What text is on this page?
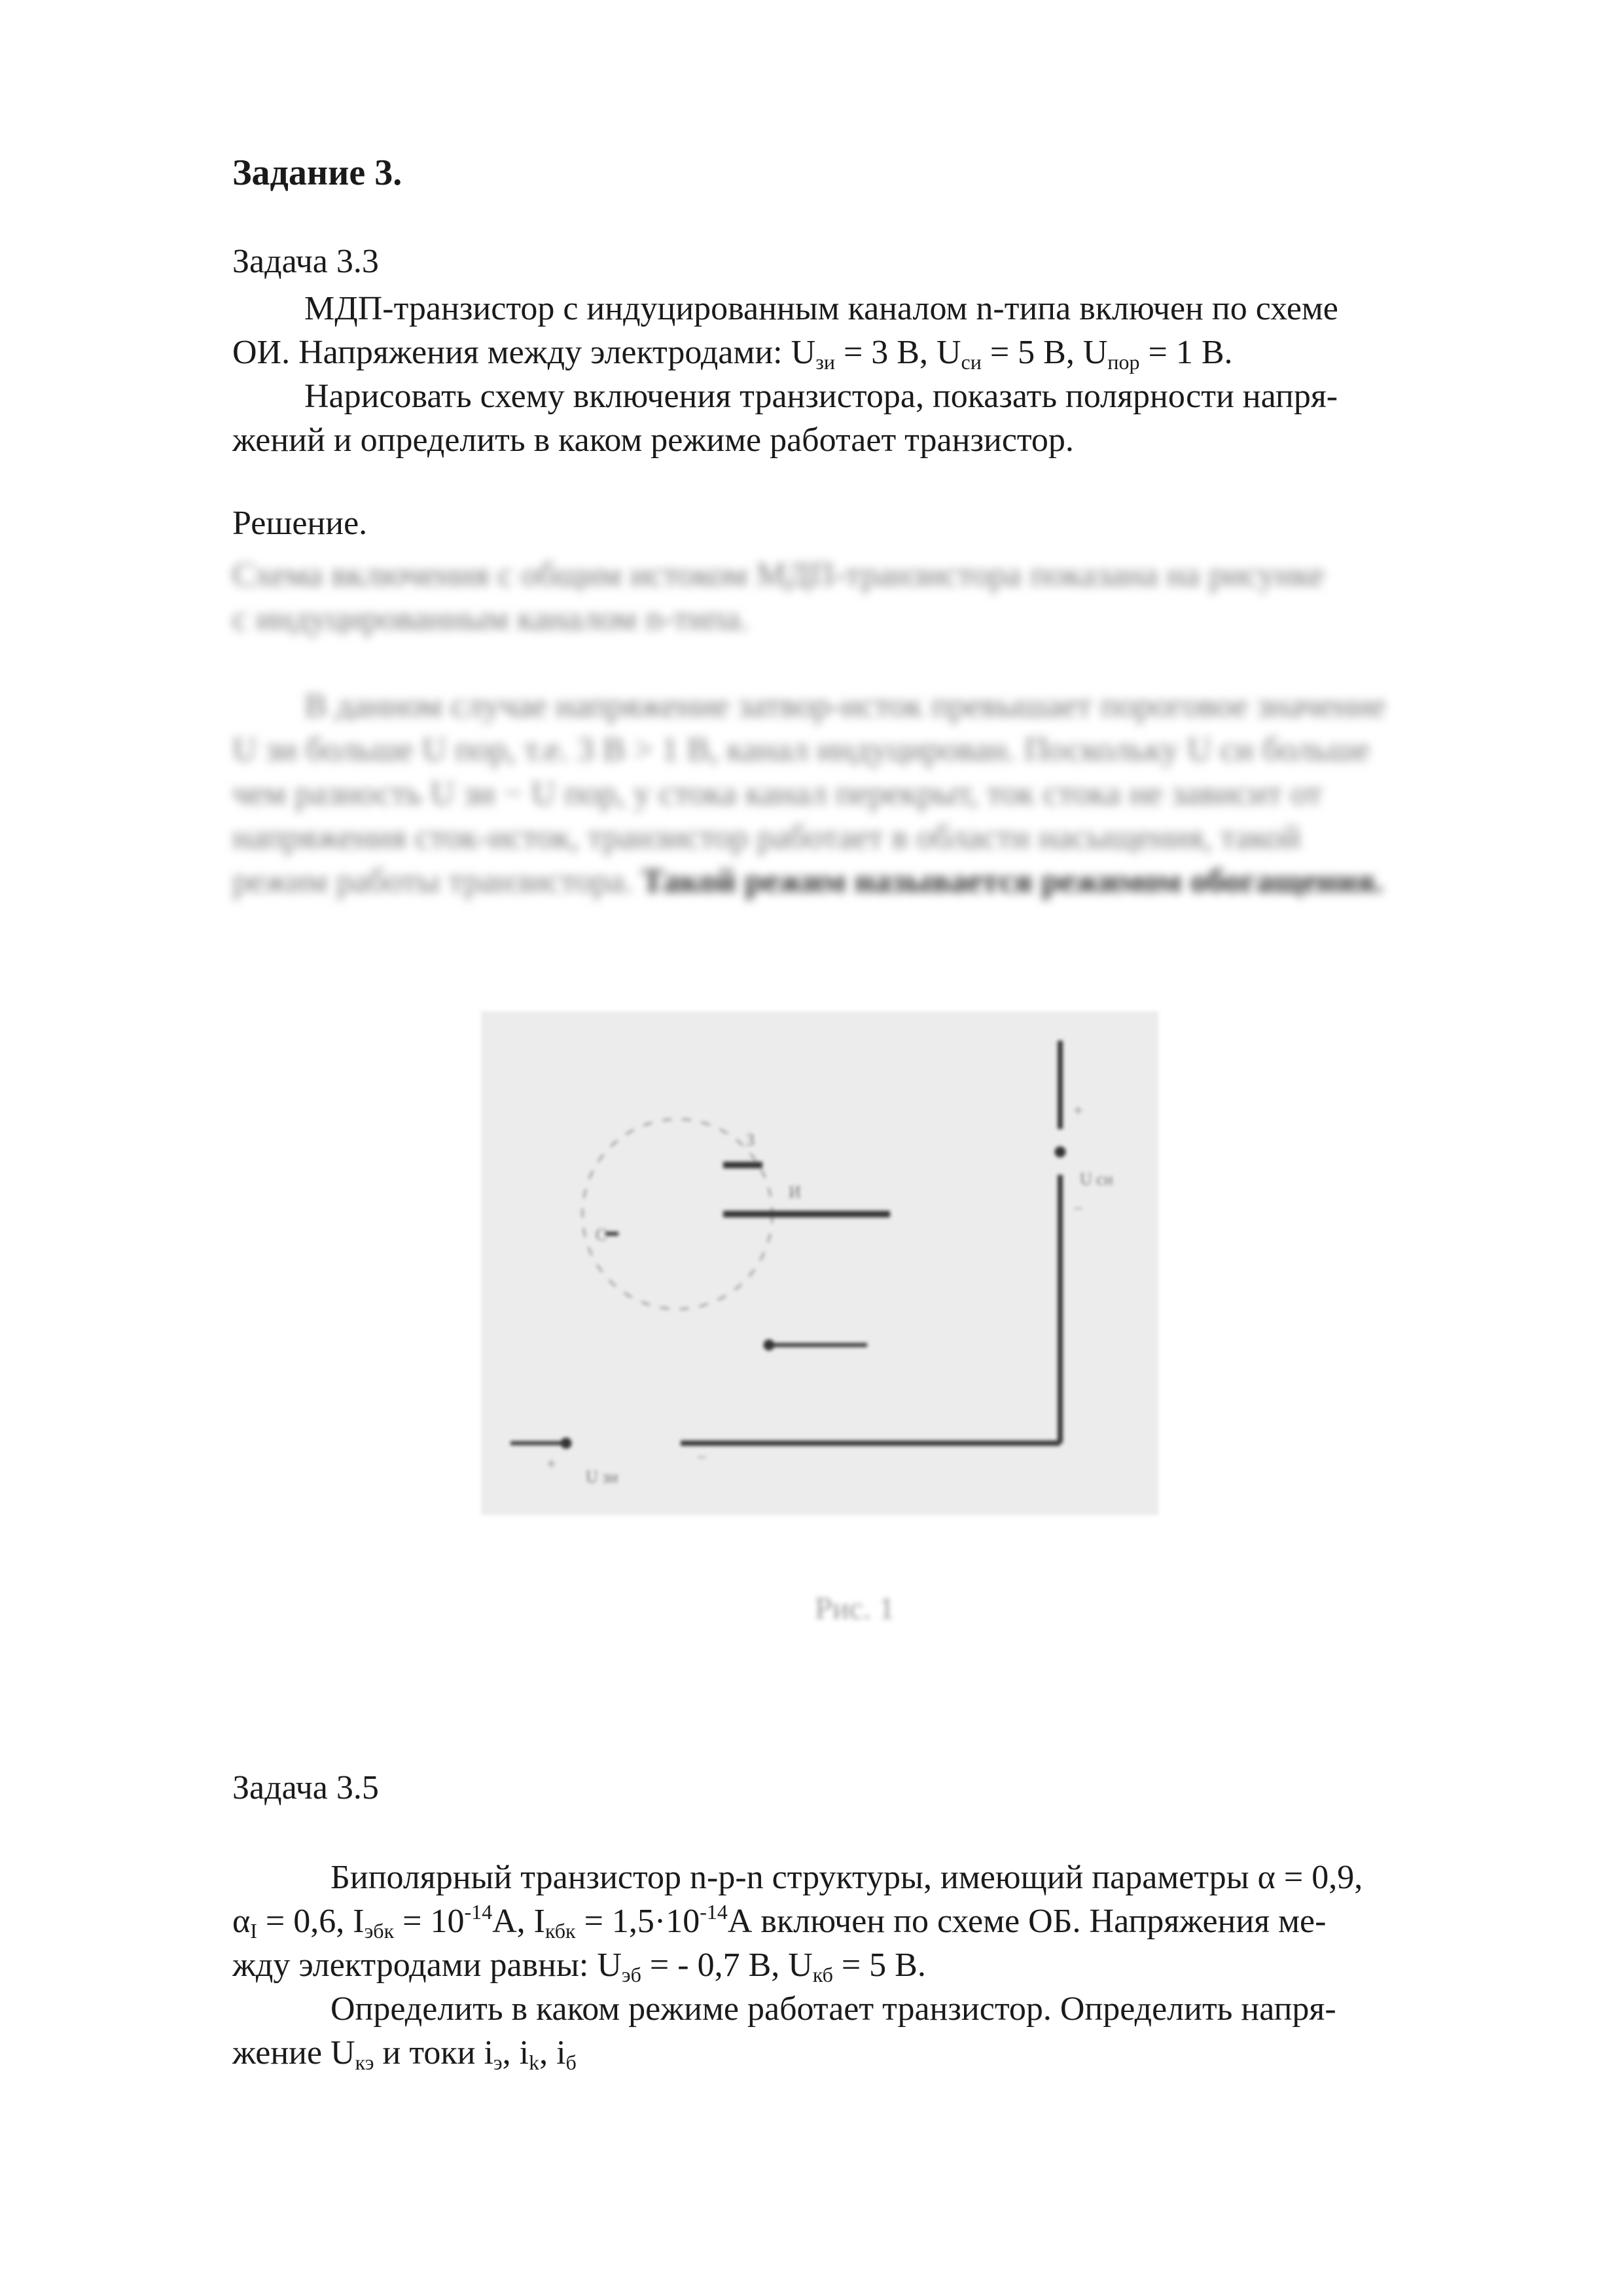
Задание 3.

Задача 3.3

МДП-транзистор с индуцированным каналом n-типа включен по схеме
ОИ. Напряжения между электродами: $U_{зи} = 3$ В, $U_{си} = 5$ В, $U_{пор} = 1$ В.
Нарисовать схему включения транзистора, показать полярности напря-
жений и определить в каком режиме работает транзистор.

Решение.

Схема включения с общим истоком МДП-транзистора показана на рисунке
с индуцированным каналом n-типа.
В данном случае напряжение затвор-исток превышает пороговое значение
U зи больше U пор, т.е. 3 В > 1 В, канал индуцирован. Поскольку U си больше
чем разность U зи − U пор, у стока канал перекрыт, ток стока не зависит от
напряжения сток-исток, транзистор работает в области насыщения, такой
режим работы транзистора. Такой режим называется режимом обогащения.
З
И
С
U зи
U си
+
−
+	−
Рис. 1

Задача 3.5

Биполярный транзистор n-p-n структуры, имеющий параметры α = 0,9,
$\alpha_I = 0,6$, $I_{эбк} = 10^{-14}А$, $I_{кбк} = 1,5\cdot 10^{-14}А$ включен по схеме ОБ. Напряжения ме-
жду электродами равны: $U_{эб}$ = - 0,7 В, $U_{кб} = 5$ В.
Определить в каком режиме работает транзистор. Определить напря-
жение $U_{кэ}$ и токи $i_э$, $i_k$, $i_б$
